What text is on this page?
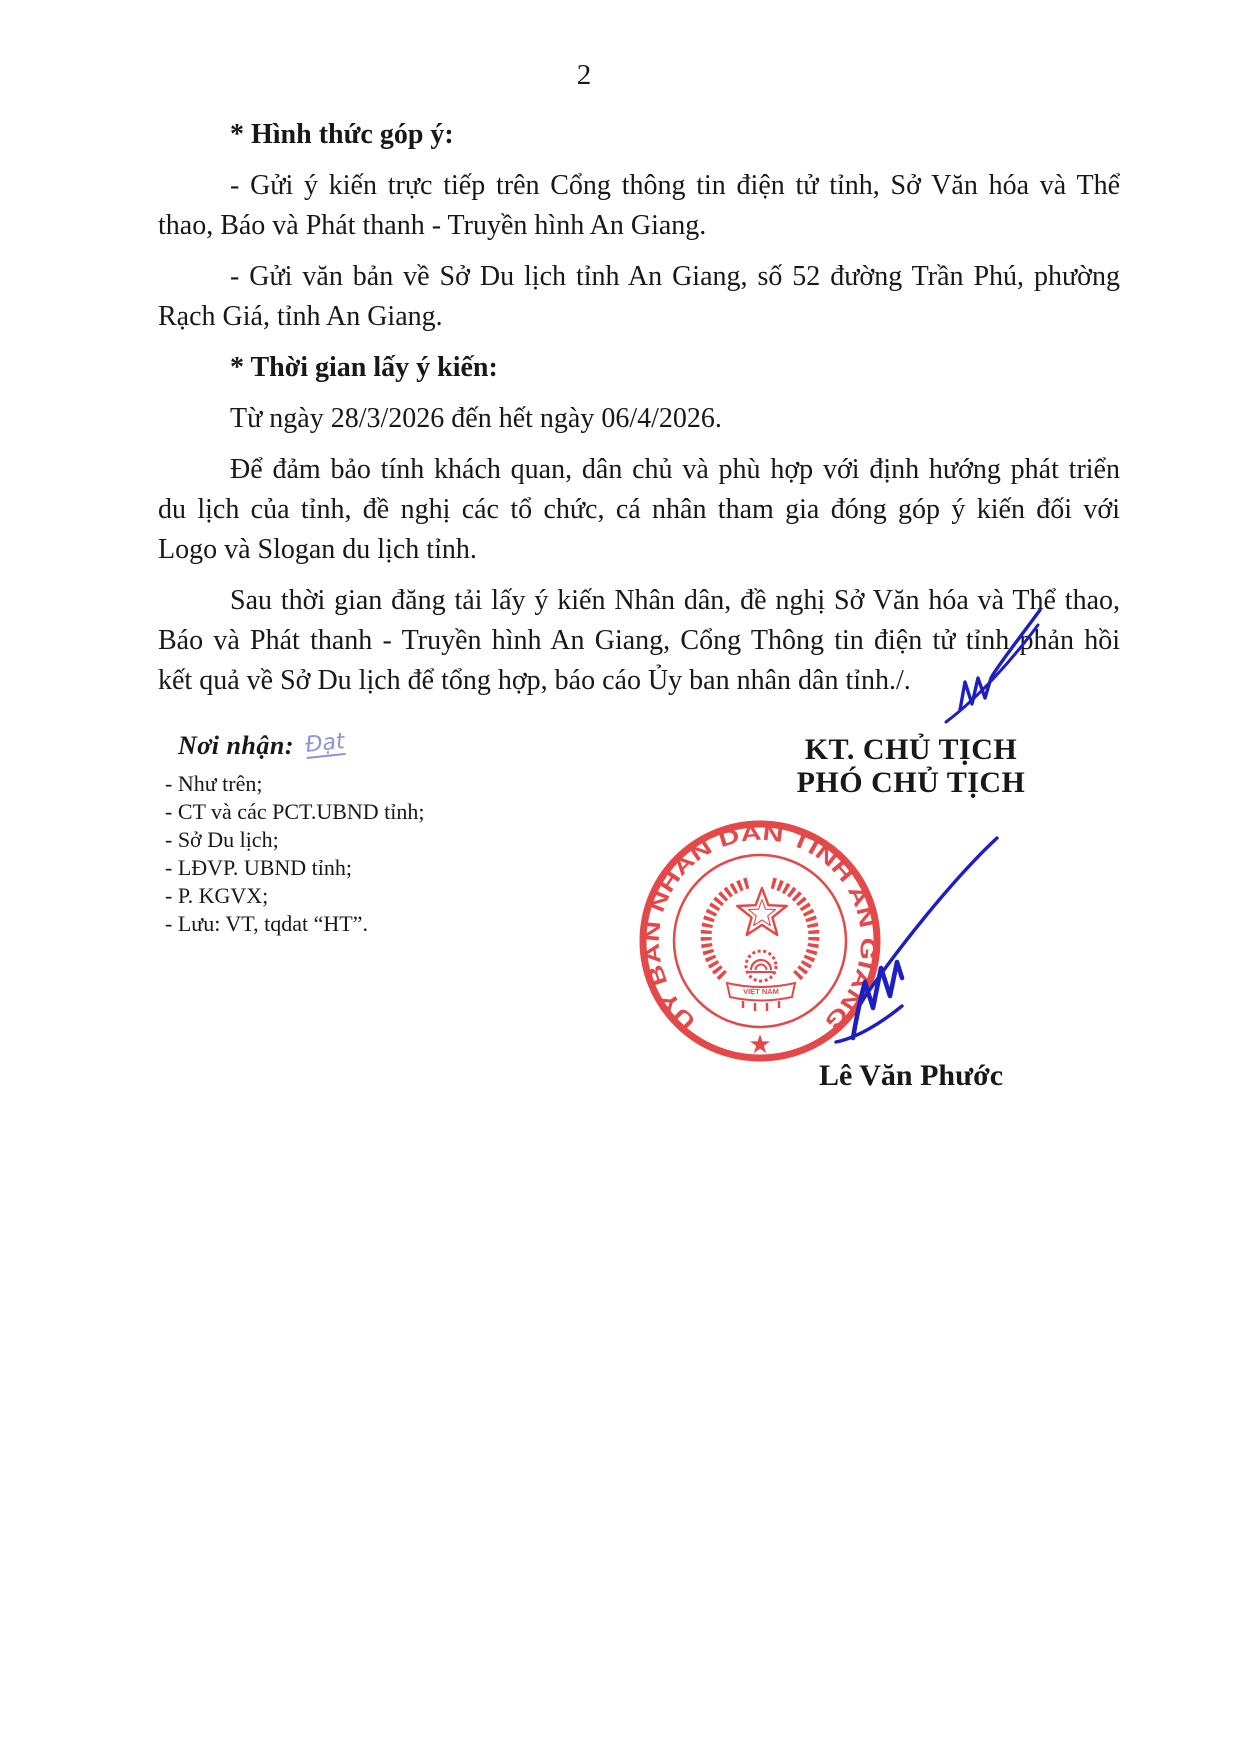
2
* Hình thức góp ý:
- Gửi ý kiến trực tiếp trên Cổng thông tin điện tử tỉnh, Sở Văn hóa và Thể
thao, Báo và Phát thanh - Truyền hình An Giang.
- Gửi văn bản về Sở Du lịch tỉnh An Giang, số 52 đường Trần Phú, phường
Rạch Giá, tỉnh An Giang.
* Thời gian lấy ý kiến:
Từ ngày 28/3/2026 đến hết ngày 06/4/2026.
Để đảm bảo tính khách quan, dân chủ và phù hợp với định hướng phát triển
du lịch của tỉnh, đề nghị các tổ chức, cá nhân tham gia đóng góp ý kiến đối với
Logo và Slogan du lịch tỉnh.
Sau thời gian đăng tải lấy ý kiến Nhân dân, đề nghị Sở Văn hóa và Thể thao,
Báo và Phát thanh - Truyền hình An Giang, Cổng Thông tin điện tử tỉnh phản hồi
kết quả về Sở Du lịch để tổng hợp, báo cáo Ủy ban nhân dân tỉnh./.
Nơi nhận: Đạt
- Như trên;
- CT và các PCT.UBND tỉnh;
- Sở Du lịch;
- LĐVP. UBND tỉnh;
- P. KGVX;
- Lưu: VT, tqdat “HT”.
KT. CHỦ TỊCH
PHÓ CHỦ TỊCH
ỦY BAN NHÂN DÂN TỈNH AN GIANG
★
VIỆT NAM
Lê Văn Phước
